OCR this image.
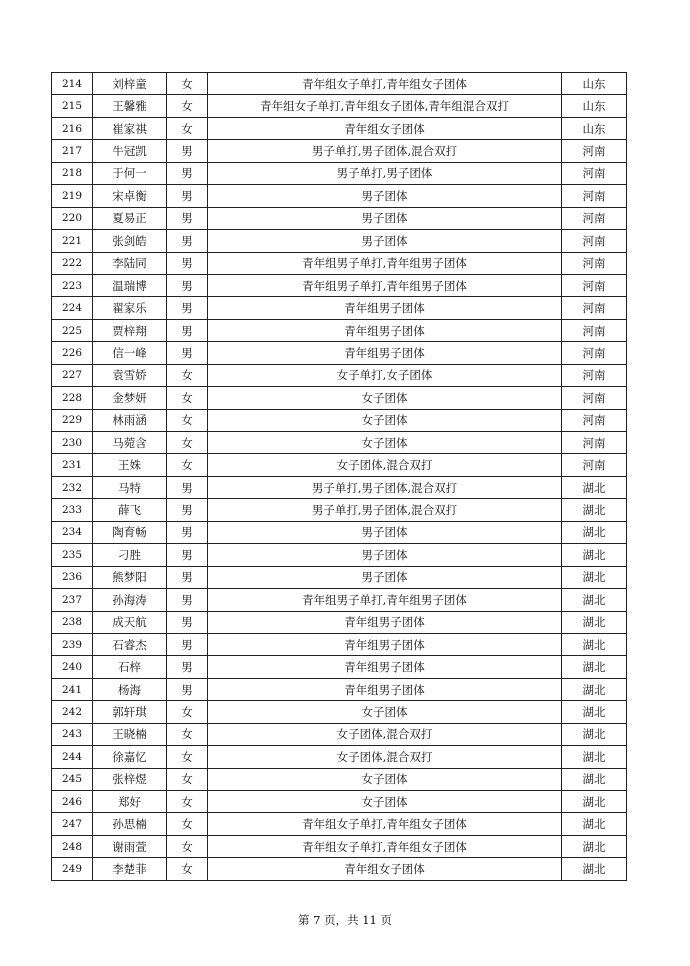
214	刘梓童	女	青年组女子单打,青年组女子团体	山东
215	王馨雅	女	青年组女子单打,青年组女子团体,青年组混合双打	山东
216	崔家祺	女	青年组女子团体	山东
217	牛冠凯	男	男子单打,男子团体,混合双打	河南
218	于何一	男	男子单打,男子团体	河南
219	宋卓衡	男	男子团体	河南
220	夏易正	男	男子团体	河南
221	张剑皓	男	男子团体	河南
222	李陆同	男	青年组男子单打,青年组男子团体	河南
223	温瑞博	男	青年组男子单打,青年组男子团体	河南
224	翟家乐	男	青年组男子团体	河南
225	贾梓翔	男	青年组男子团体	河南
226	信一峰	男	青年组男子团体	河南
227	袁雪娇	女	女子单打,女子团体	河南
228	金梦妍	女	女子团体	河南
229	林雨涵	女	女子团体	河南
230	马菀含	女	女子团体	河南
231	王姝	女	女子团体,混合双打	河南
232	马特	男	男子单打,男子团体,混合双打	湖北
233	薛飞	男	男子单打,男子团体,混合双打	湖北
234	陶育畅	男	男子团体	湖北
235	刁胜	男	男子团体	湖北
236	熊梦阳	男	男子团体	湖北
237	孙海涛	男	青年组男子单打,青年组男子团体	湖北
238	成天航	男	青年组男子团体	湖北
239	石睿杰	男	青年组男子团体	湖北
240	石梓	男	青年组男子团体	湖北
241	杨海	男	青年组男子团体	湖北
242	郭轩琪	女	女子团体	湖北
243	王晓楠	女	女子团体,混合双打	湖北
244	徐嘉忆	女	女子团体,混合双打	湖北
245	张梓煜	女	女子团体	湖北
246	郑好	女	女子团体	湖北
247	孙思楠	女	青年组女子单打,青年组女子团体	湖北
248	谢雨萱	女	青年组女子单打,青年组女子团体	湖北
249	李楚菲	女	青年组女子团体	湖北
第 7 页，共 11 页
